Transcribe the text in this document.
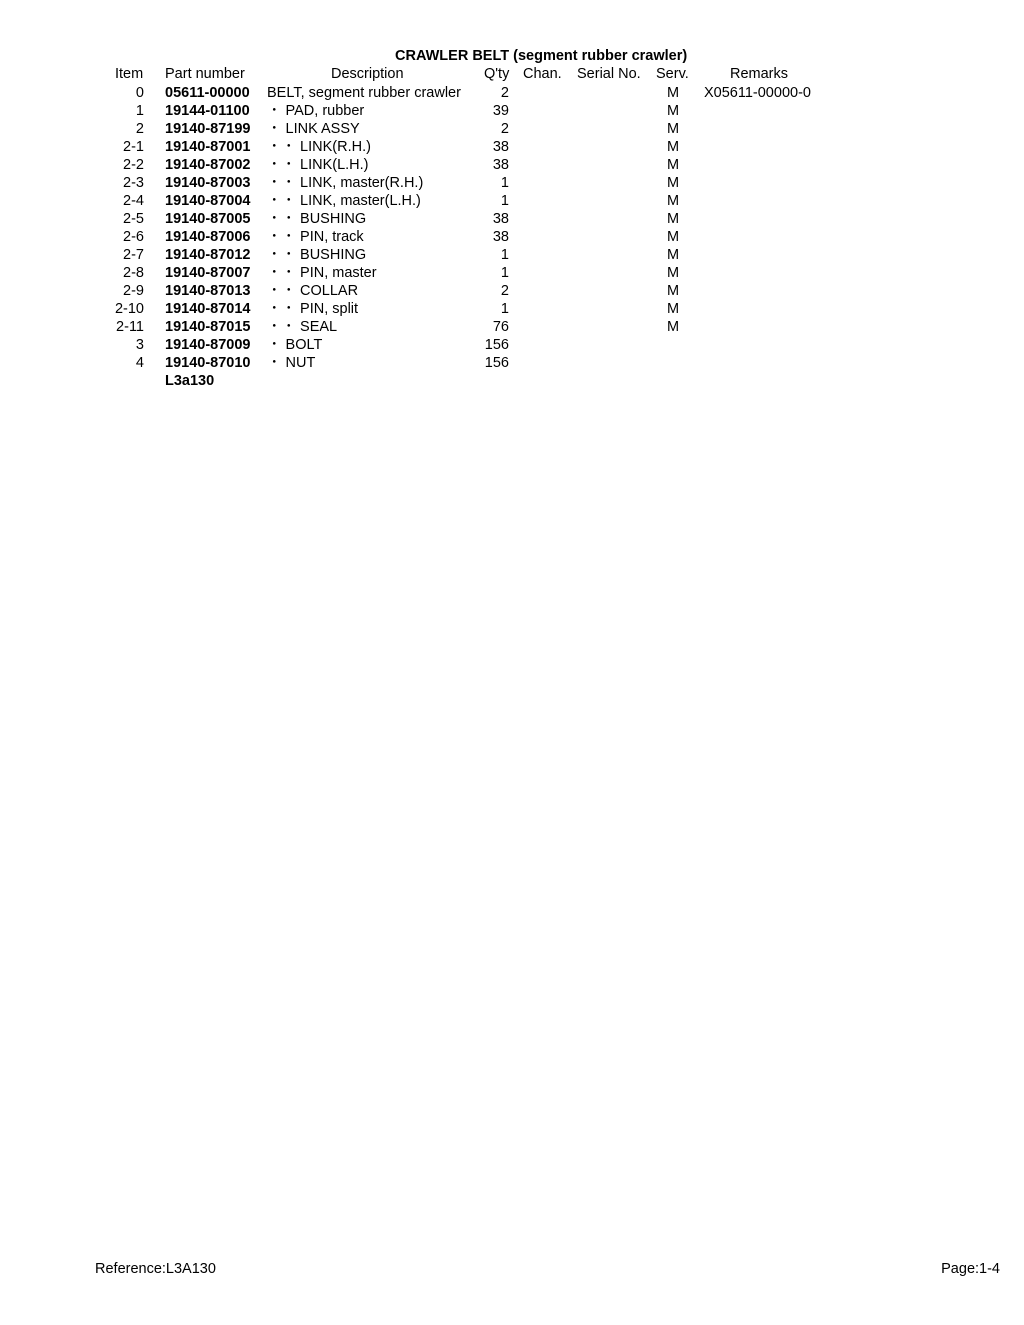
CRAWLER BELT (segment rubber crawler)
Item Part number	Description	Q'ty Chan. Serial No. Serv.	Remarks
0 05611-00000 BELT, segment rubber crawler	2	M X05611-00000-0
1 19144-01100 ・ PAD, rubber	39	M
2 19140-87199 ・ LINK ASSY	2	M
2-1 19140-87001 ・・ LINK(R.H.)	38	M
2-2 19140-87002 ・・ LINK(L.H.)	38	M
2-3 19140-87003 ・・ LINK, master(R.H.)	1	M
2-4 19140-87004 ・・ LINK, master(L.H.)	1	M
2-5 19140-87005 ・・ BUSHING	38	M
2-6 19140-87006 ・・ PIN, track	38	M
2-7 19140-87012 ・・ BUSHING	1	M
2-8 19140-87007 ・・ PIN, master	1	M
2-9 19140-87013 ・・ COLLAR	2	M
2-10 19140-87014 ・・ PIN, split	1	M
2-11 19140-87015 ・・ SEAL	76	M
3 19140-87009 ・ BOLT	156
4 19140-87010 ・ NUT	156
L3a130
Reference:L3A130	Page:1-4
